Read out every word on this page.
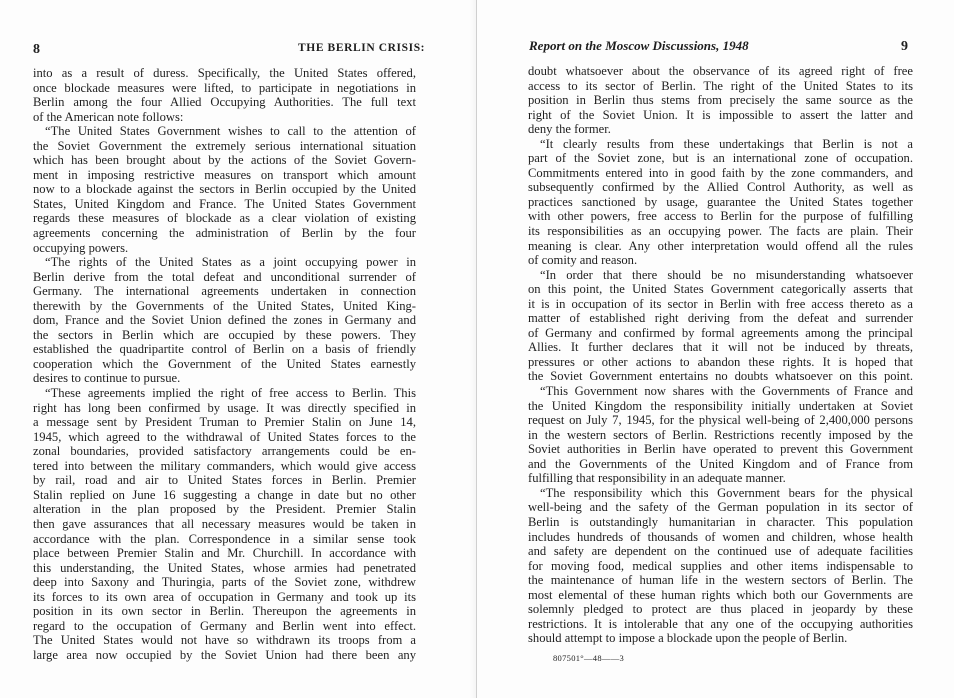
8	THE BERLIN CRISIS:
into as a result of duress. Specifically, the United States offered,
once blockade measures were lifted, to participate in negotiations in
Berlin among the four Allied Occupying Authorities. The full text
of the American note follows:
“The United States Government wishes to call to the attention of
the Soviet Government the extremely serious international situation
which has been brought about by the actions of the Soviet Govern-
ment in imposing restrictive measures on transport which amount
now to a blockade against the sectors in Berlin occupied by the United
States, United Kingdom and France. The United States Government
regards these measures of blockade as a clear violation of existing
agreements concerning the administration of Berlin by the four
occupying powers.
“The rights of the United States as a joint occupying power in
Berlin derive from the total defeat and unconditional surrender of
Germany. The international agreements undertaken in connection
therewith by the Governments of the United States, United King-
dom, France and the Soviet Union defined the zones in Germany and
the sectors in Berlin which are occupied by these powers. They
established the quadripartite control of Berlin on a basis of friendly
cooperation which the Government of the United States earnestly
desires to continue to pursue.
“These agreements implied the right of free access to Berlin. This
right has long been confirmed by usage. It was directly specified in
a message sent by President Truman to Premier Stalin on June 14,
1945, which agreed to the withdrawal of United States forces to the
zonal boundaries, provided satisfactory arrangements could be en-
tered into between the military commanders, which would give access
by rail, road and air to United States forces in Berlin. Premier
Stalin replied on June 16 suggesting a change in date but no other
alteration in the plan proposed by the President. Premier Stalin
then gave assurances that all necessary measures would be taken in
accordance with the plan. Correspondence in a similar sense took
place between Premier Stalin and Mr. Churchill. In accordance with
this understanding, the United States, whose armies had penetrated
deep into Saxony and Thuringia, parts of the Soviet zone, withdrew
its forces to its own area of occupation in Germany and took up its
position in its own sector in Berlin. Thereupon the agreements in
regard to the occupation of Germany and Berlin went into effect.
The United States would not have so withdrawn its troops from a
large area now occupied by the Soviet Union had there been any
Report on the Moscow Discussions, 1948	9
doubt whatsoever about the observance of its agreed right of free
access to its sector of Berlin. The right of the United States to its
position in Berlin thus stems from precisely the same source as the
right of the Soviet Union. It is impossible to assert the latter and
deny the former.
“It clearly results from these undertakings that Berlin is not a
part of the Soviet zone, but is an international zone of occupation.
Commitments entered into in good faith by the zone commanders, and
subsequently confirmed by the Allied Control Authority, as well as
practices sanctioned by usage, guarantee the United States together
with other powers, free access to Berlin for the purpose of fulfilling
its responsibilities as an occupying power. The facts are plain. Their
meaning is clear. Any other interpretation would offend all the rules
of comity and reason.
“In order that there should be no misunderstanding whatsoever
on this point, the United States Government categorically asserts that
it is in occupation of its sector in Berlin with free access thereto as a
matter of established right deriving from the defeat and surrender
of Germany and confirmed by formal agreements among the principal
Allies. It further declares that it will not be induced by threats,
pressures or other actions to abandon these rights. It is hoped that
the Soviet Government entertains no doubts whatsoever on this point.
“This Government now shares with the Governments of France and
the United Kingdom the responsibility initially undertaken at Soviet
request on July 7, 1945, for the physical well-being of 2,400,000 persons
in the western sectors of Berlin. Restrictions recently imposed by the
Soviet authorities in Berlin have operated to prevent this Government
and the Governments of the United Kingdom and of France from
fulfilling that responsibility in an adequate manner.
“The responsibility which this Government bears for the physical
well-being and the safety of the German population in its sector of
Berlin is outstandingly humanitarian in character. This population
includes hundreds of thousands of women and children, whose health
and safety are dependent on the continued use of adequate facilities
for moving food, medical supplies and other items indispensable to
the maintenance of human life in the western sectors of Berlin. The
most elemental of these human rights which both our Governments are
solemnly pledged to protect are thus placed in jeopardy by these
restrictions. It is intolerable that any one of the occupying authorities
should attempt to impose a blockade upon the people of Berlin.
807501°—48——3
